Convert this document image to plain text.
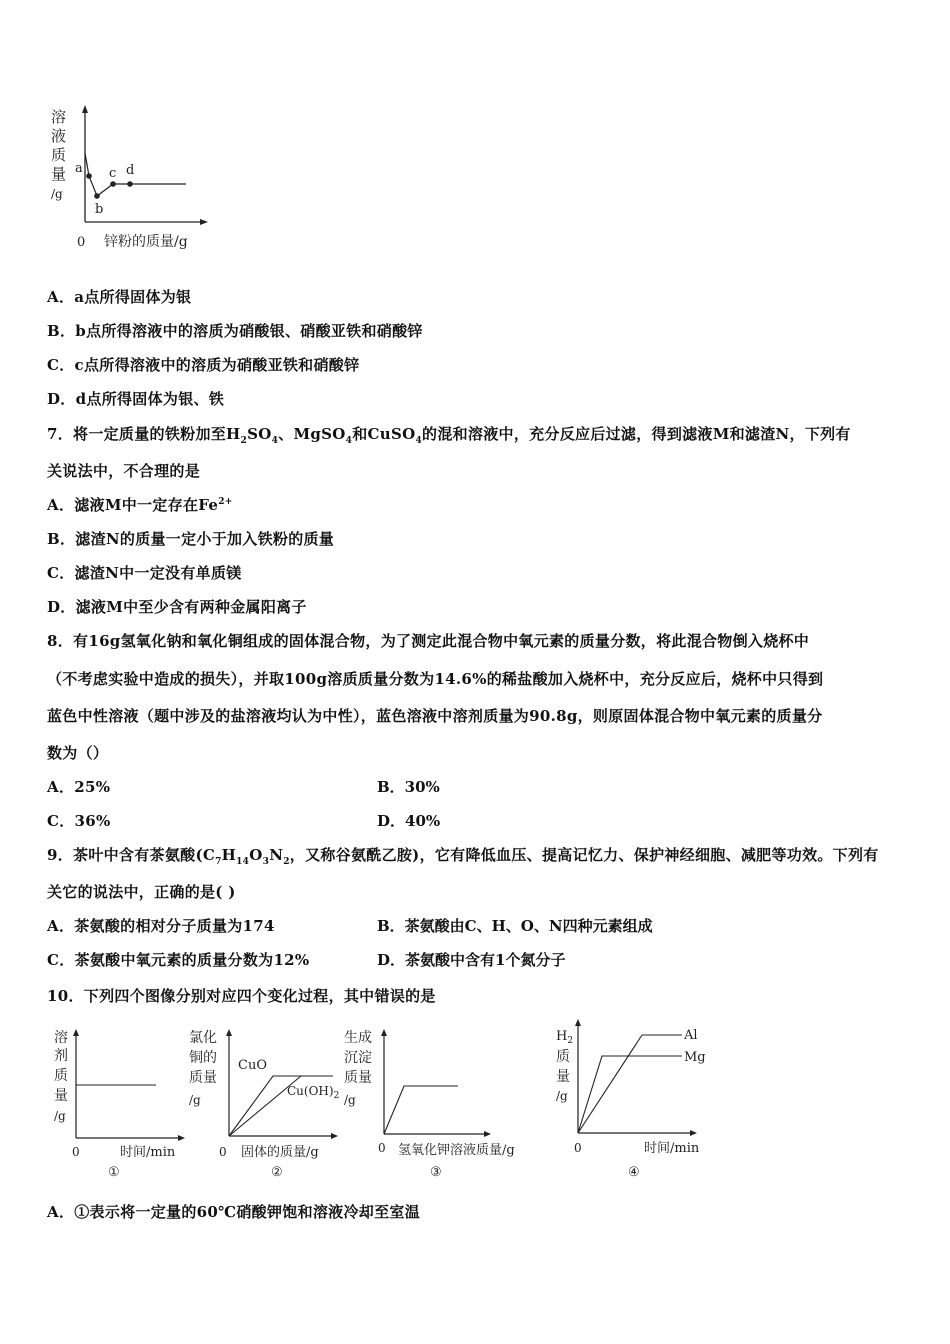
溶
液
质
量
/g
a
b
c d
0 锌粉的质量/g
A．a点所得固体为银
B．b点所得溶液中的溶质为硝酸银、硝酸亚铁和硝酸锌
C．c点所得溶液中的溶质为硝酸亚铁和硝酸锌
D．d点所得固体为银、铁
7．将一定质量的铁粉加至$H_2SO_4$、MgSO$_4$和CuSO$_4$的混和溶液中，充分反应后过滤，得到滤液M和滤渣N，下列有
关说法中，不合理的是
A．滤液M中一定存在$Fe^{2+}$
B．滤渣N的质量一定小于加入铁粉的质量
C．滤渣N中一定没有单质镁
D．滤液M中至少含有两种金属阳离子
8．有16g氢氧化钠和氧化铜组成的固体混合物，为了测定此混合物中氧元素的质量分数，将此混合物倒入烧杯中
（不考虑实验中造成的损失），并取100g溶质质量分数为14.6%的稀盐酸加入烧杯中，充分反应后，烧杯中只得到
蓝色中性溶液（题中涉及的盐溶液均认为中性），蓝色溶液中溶剂质量为90.8g，则原固体混合物中氧元素的质量分
数为（）
A．25%	B．30%
C．36%	D．40%
9．茶叶中含有茶氨酸($C_7H_{14}O_3N_2$，又称谷氨酰乙胺)，它有降低血压、提高记忆力、保护神经细胞、减肥等功效。下列有
关它的说法中，正确的是( )
A．茶氨酸的相对分子质量为174	B．茶氨酸由C、H、O、N四种元素组成
C．茶氨酸中氧元素的质量分数为12%	D．茶氨酸中含有1个氮分子
10．下列四个图像分别对应四个变化过程，其中错误的是
溶
剂
质
量
/g
0	时间/min
①
氯化
铜的
质量
/g
CuO
$Cu(OH)_2$
0 固体的质量/g
②
生成
沉淀
质量
/g
0 氢氧化钾溶液质量/g
③
$H_2$
质
量
/g
Al
Mg
0	时间/min
④
A．①表示将一定量的60℃硝酸钾饱和溶液冷却至室温
